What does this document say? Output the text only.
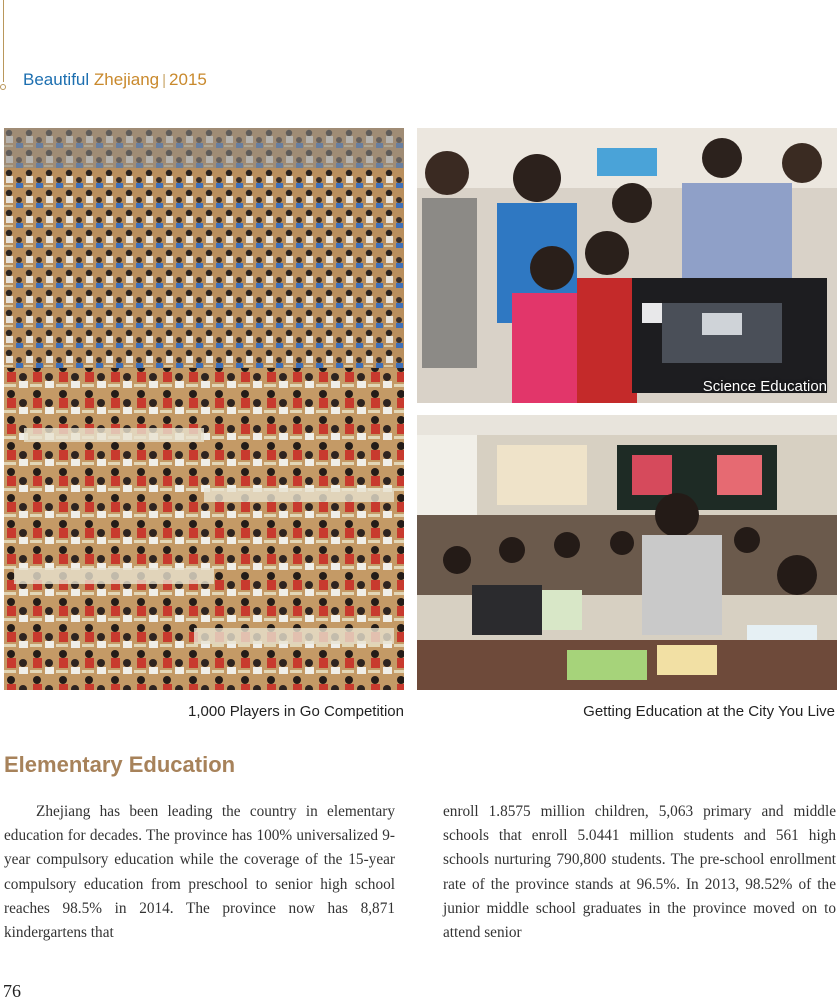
Beautiful Zhejiang | 2015
Science Education
1,000 Players in Go Competition	Getting Education at the City You Live
Elementary Education
Zhejiang has been leading the country in elementary education for decades. The province has 100% universalized 9-year compulsory education while the coverage of the 15-year compulsory education from preschool to senior high school reaches 98.5% in 2014. The province now has 8,871 kindergartens that
enroll 1.8575 million children, 5,063 primary and middle schools that enroll 5.0441 million students and 561 high schools nurturing 790,800 students. The pre-school enrollment rate of the province stands at 96.5%. In 2013, 98.52% of the junior middle school graduates in the province moved on to attend senior
76
